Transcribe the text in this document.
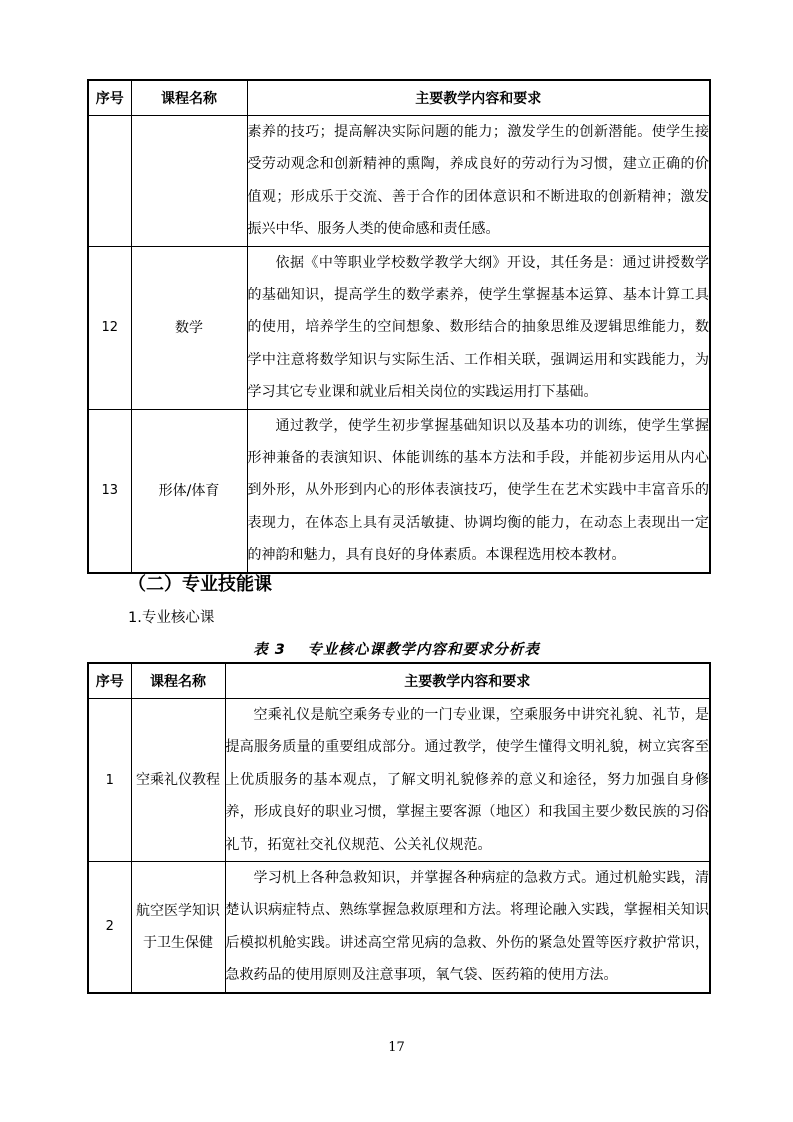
序号	课程名称	主要教学内容和要求

		素养的技巧；提高解决实际问题的能力；激发学生的创新潜能。使学生接受劳动观念和创新精神的熏陶，养成良好的劳动行为习惯，建立正确的价值观；形成乐于交流、善于合作的团体意识和不断进取的创新精神；激发振兴中华、服务人类的使命感和责任感。

12	数学	依据《中等职业学校数学教学大纲》开设，其任务是：通过讲授数学的基础知识，提高学生的数学素养，使学生掌握基本运算、基本计算工具的使用，培养学生的空间想象、数形结合的抽象思维及逻辑思维能力，数学中注意将数学知识与实际生活、工作相关联，强调运用和实践能力，为学习其它专业课和就业后相关岗位的实践运用打下基础。

13	形体/体育	通过教学，使学生初步掌握基础知识以及基本功的训练，使学生掌握形神兼备的表演知识、体能训练的基本方法和手段，并能初步运用从内心到外形，从外形到内心的形体表演技巧，使学生在艺术实践中丰富音乐的表现力，在体态上具有灵活敏捷、协调均衡的能力，在动态上表现出一定的神韵和魅力，具有良好的身体素质。本课程选用校本教材。

（二）专业技能课
1.专业核心课
表 3　 专业核心课教学内容和要求分析表
序号	课程名称	主要教学内容和要求
1	空乘礼仪教程	空乘礼仪是航空乘务专业的一门专业课，空乘服务中讲究礼貌、礼节，是提高服务质量的重要组成部分。通过教学，使学生懂得文明礼貌，树立宾客至上优质服务的基本观点，了解文明礼貌修养的意义和途径，努力加强自身修养，形成良好的职业习惯，掌握主要客源（地区）和我国主要少数民族的习俗礼节，拓宽社交礼仪规范、公关礼仪规范。

2	航空医学知识于卫生保健	学习机上各种急救知识，并掌握各种病症的急救方式。通过机舱实践，清楚认识病症特点、熟练掌握急救原理和方法。将理论融入实践，掌握相关知识后模拟机舱实践。讲述高空常见病的急救、外伤的紧急处置等医疗救护常识，急救药品的使用原则及注意事项，氧气袋、医药箱的使用方法。

17
